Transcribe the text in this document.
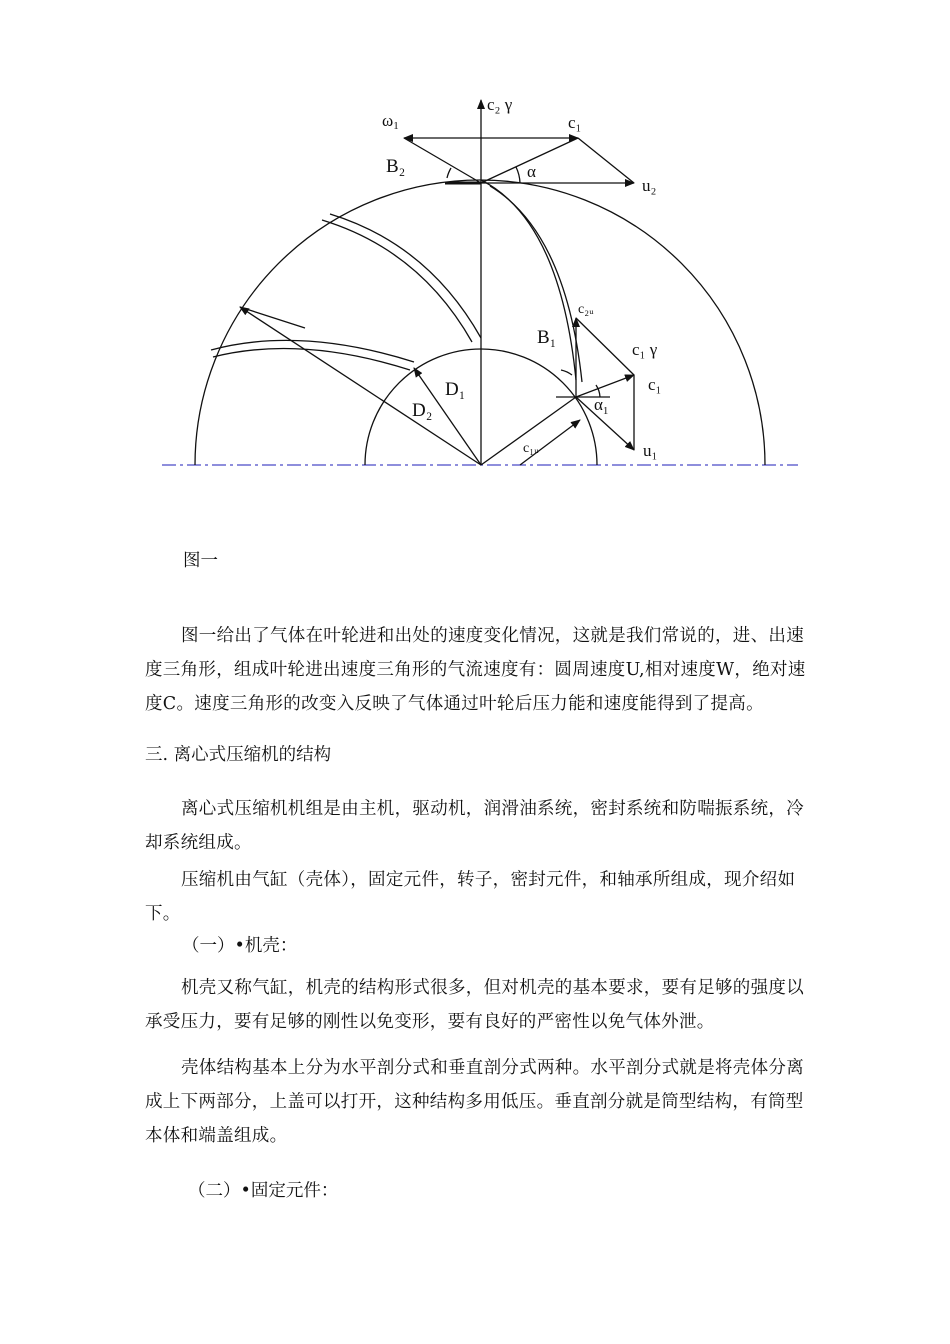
c₂ γ
ω1	c₁
B₂	α
u₂
c₂ᵤ
B₁
c₁ γ
c₁
$\alpha_1$
D₁
D₂
c₁ᵤ	u₁

图一

图一给出了气体在叶轮进和出处的速度变化情况，这就是我们常说的，进、出速度三角形，组成叶轮进出速度三角形的气流速度有：圆周速度U,相对速度W，绝对速度C。速度三角形的改变入反映了气体通过叶轮后压力能和速度能得到了提高。

三. 离心式压缩机的结构

离心式压缩机机组是由主机，驱动机，润滑油系统，密封系统和防喘振系统，冷却系统组成。

压缩机由气缸（壳体），固定元件，转子，密封元件，和轴承所组成，现介绍如下。

（一）•机壳：

机壳又称气缸，机壳的结构形式很多，但对机壳的基本要求，要有足够的强度以承受压力，要有足够的刚性以免变形，要有良好的严密性以免气体外泄。

壳体结构基本上分为水平剖分式和垂直剖分式两种。水平剖分式就是将壳体分离成上下两部分，上盖可以打开，这种结构多用低压。垂直剖分就是筒型结构，有筒型本体和端盖组成。

（二）•固定元件：
